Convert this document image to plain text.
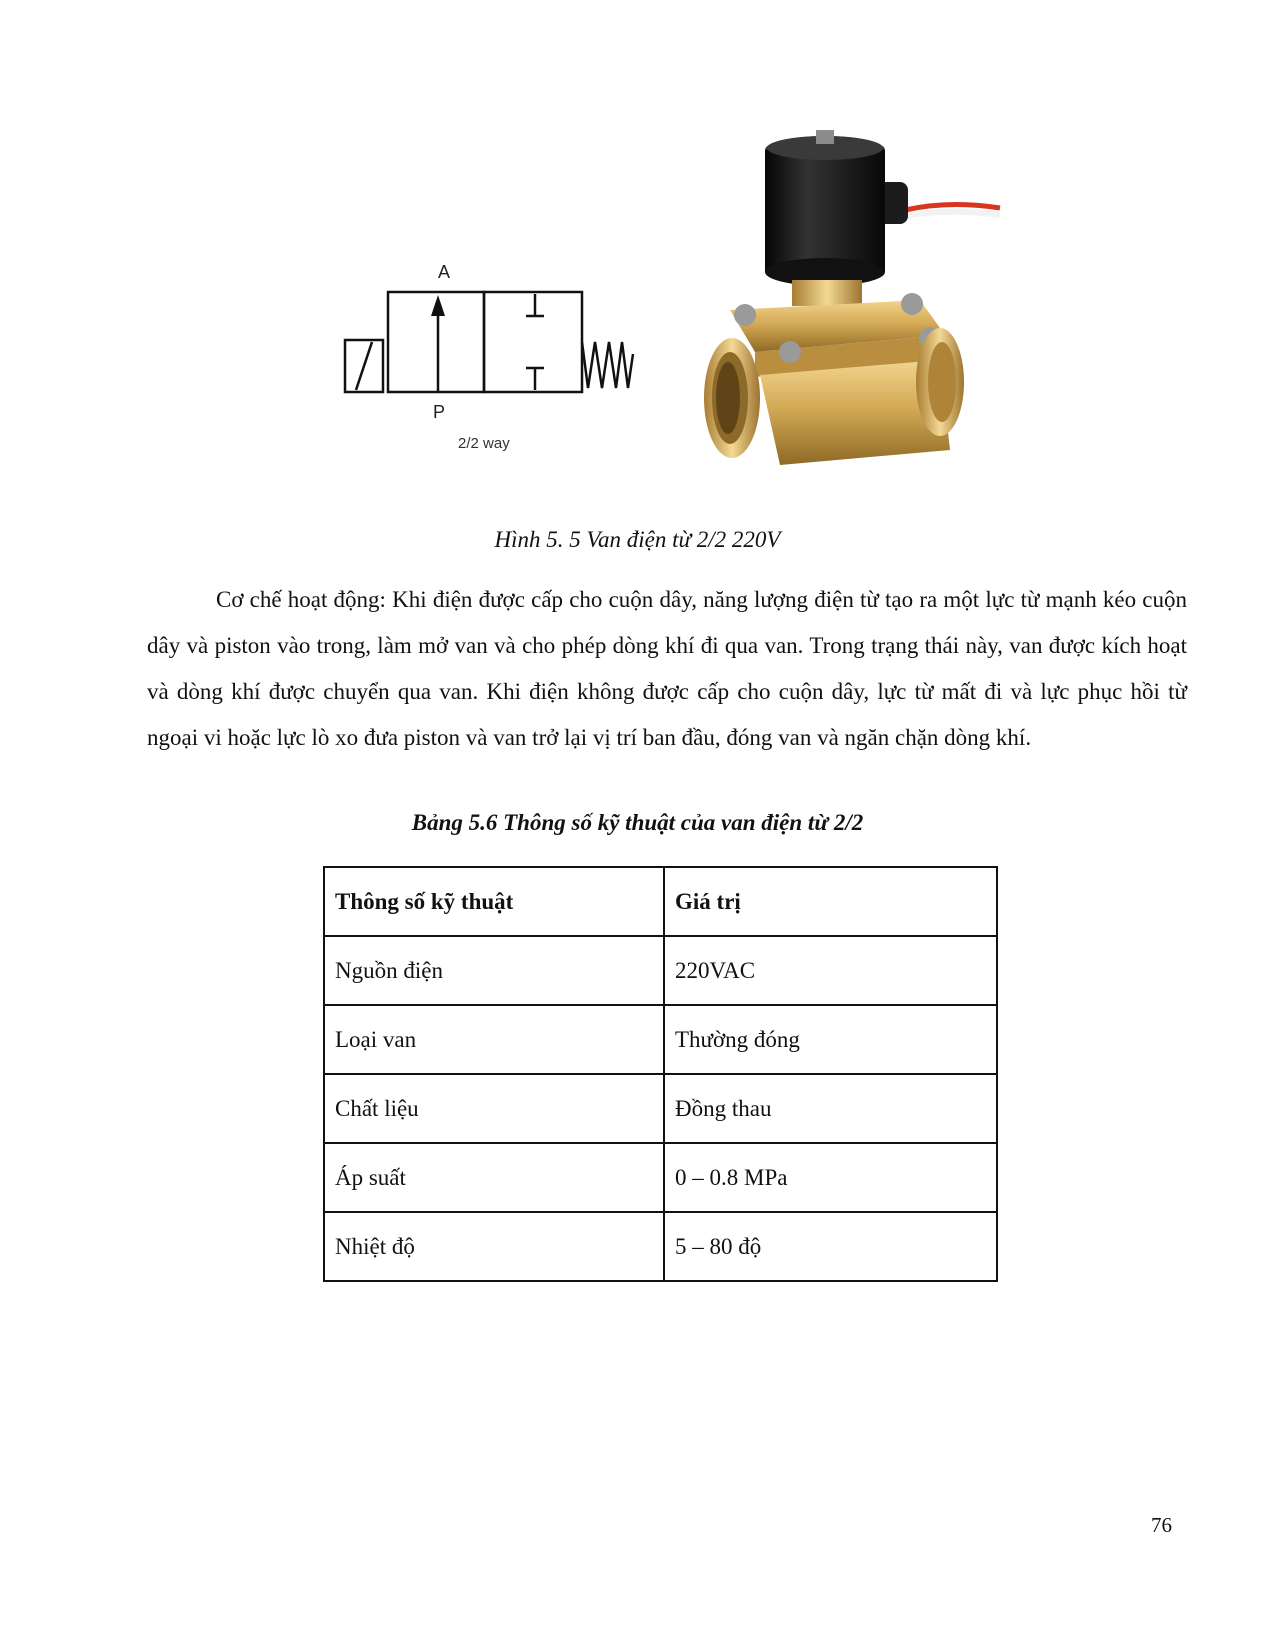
A
P
2/2 way
Hình 5. 5 Van điện từ 2/2 220V

Cơ chế hoạt động: Khi điện được cấp cho cuộn dây, năng lượng điện từ tạo ra một lực từ mạnh kéo cuộn dây và piston vào trong, làm mở van và cho phép dòng khí đi qua van. Trong trạng thái này, van được kích hoạt và dòng khí được chuyển qua van. Khi điện không được cấp cho cuộn dây, lực từ mất đi và lực phục hồi từ ngoại vi hoặc lực lò xo đưa piston và van trở lại vị trí ban đầu, đóng van và ngăn chặn dòng khí.

Bảng 5.6 Thông số kỹ thuật của van điện từ 2/2
Thông số kỹ thuật	Giá trị
Nguồn điện	220VAC
Loại van	Thường đóng
Chất liệu	Đồng thau
Áp suất	0 – 0.8 MPa
Nhiệt độ	5 – 80 độ
76
